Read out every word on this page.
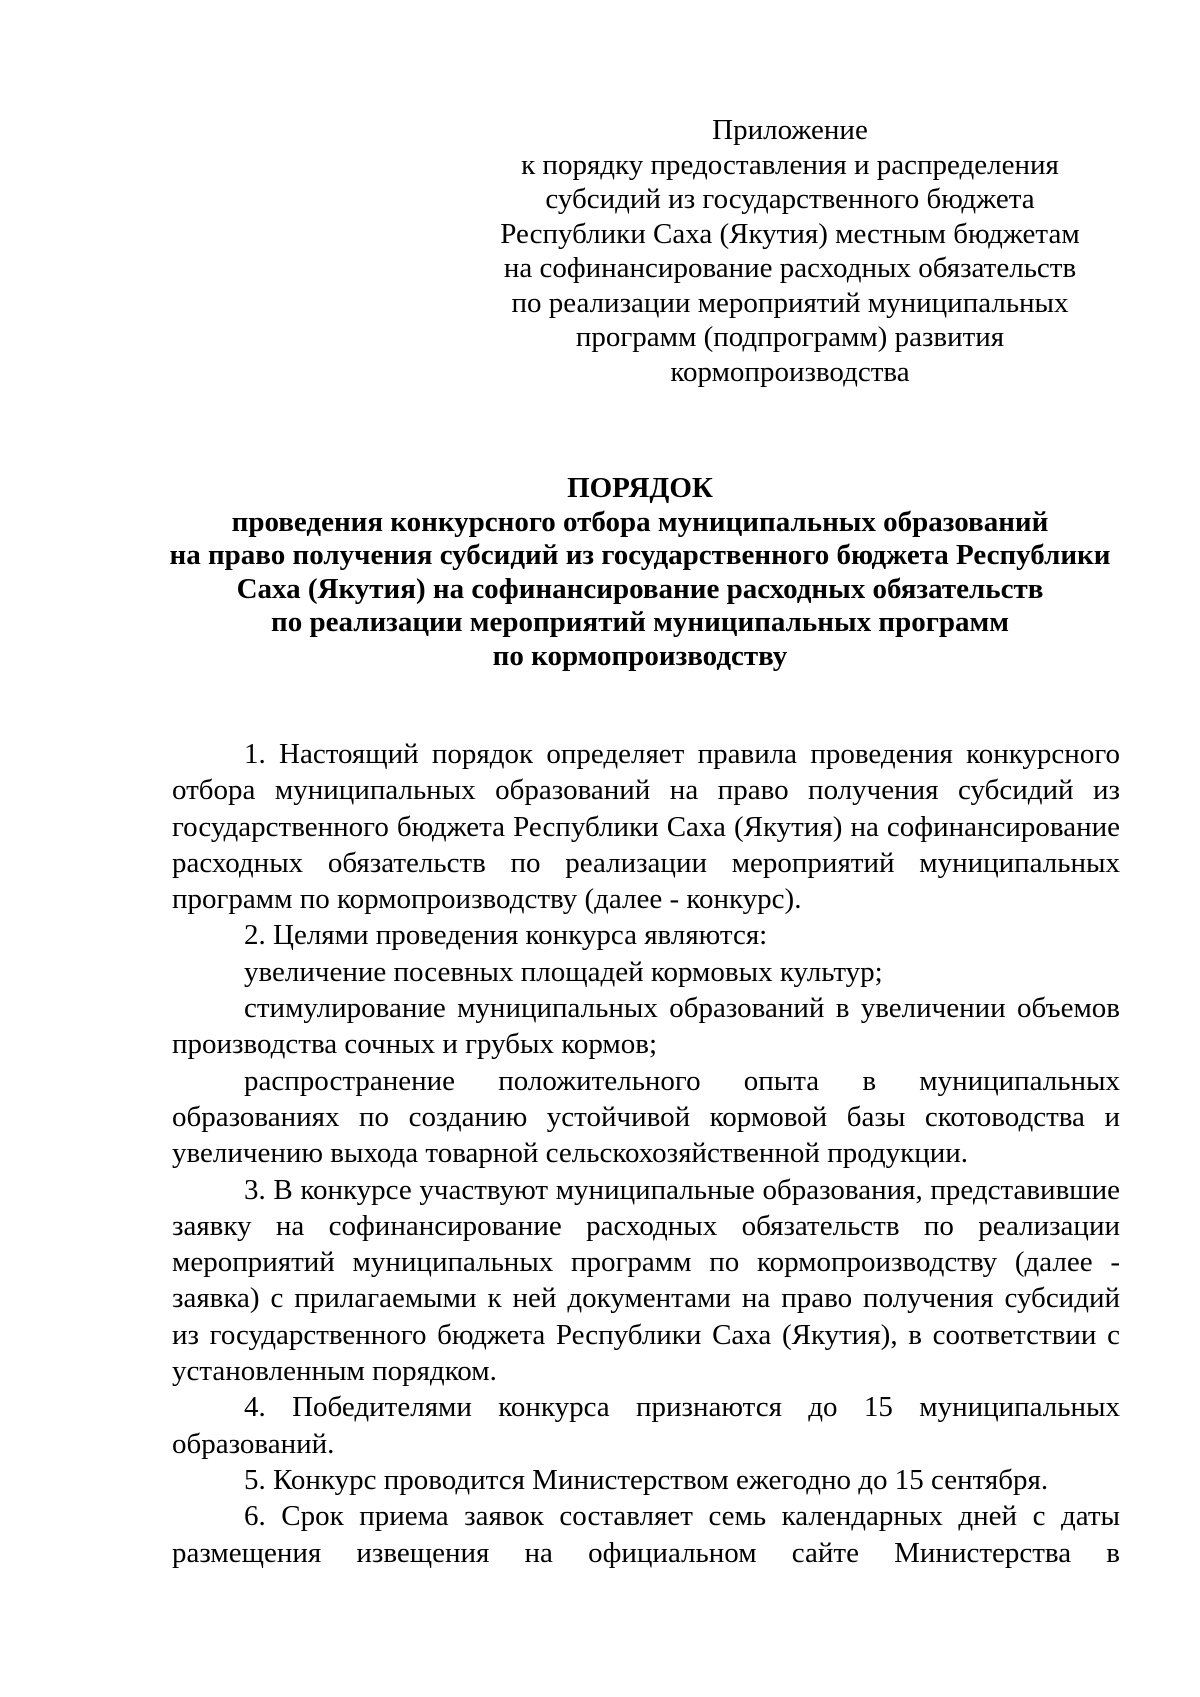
Приложение
к порядку предоставления и распределения
субсидий из государственного бюджета
Республики Саха (Якутия) местным бюджетам
на софинансирование расходных обязательств
по реализации мероприятий муниципальных
программ (подпрограмм) развития
кормопроизводства
ПОРЯДОК
проведения конкурсного отбора муниципальных образований
на право получения субсидий из государственного бюджета Республики
Саха (Якутия) на софинансирование расходных обязательств
по реализации мероприятий муниципальных программ
по кормопроизводству

1. Настоящий порядок определяет правила проведения конкурсного отбора муниципальных образований на право получения субсидий из государственного бюджета Республики Саха (Якутия) на софинансирование расходных обязательств по реализации мероприятий муниципальных программ по кормопроизводству (далее - конкурс).

2. Целями проведения конкурса являются:

увеличение посевных площадей кормовых культур;

стимулирование муниципальных образований в увеличении объемов производства сочных и грубых кормов;

распространение положительного опыта в муниципальных образованиях по созданию устойчивой кормовой базы скотоводства и увеличению выхода товарной сельскохозяйственной продукции.

3. В конкурсе участвуют муниципальные образования, представившие заявку на софинансирование расходных обязательств по реализации мероприятий муниципальных программ по кормопроизводству (далее - заявка) с прилагаемыми к ней документами на право получения субсидий из государственного бюджета Республики Саха (Якутия), в соответствии с установленным порядком.

4. Победителями конкурса признаются до 15 муниципальных образований.

5. Конкурс проводится Министерством ежегодно до 15 сентября.

6. Срок приема заявок составляет семь календарных дней с даты размещения извещения на официальном сайте Министерства в
